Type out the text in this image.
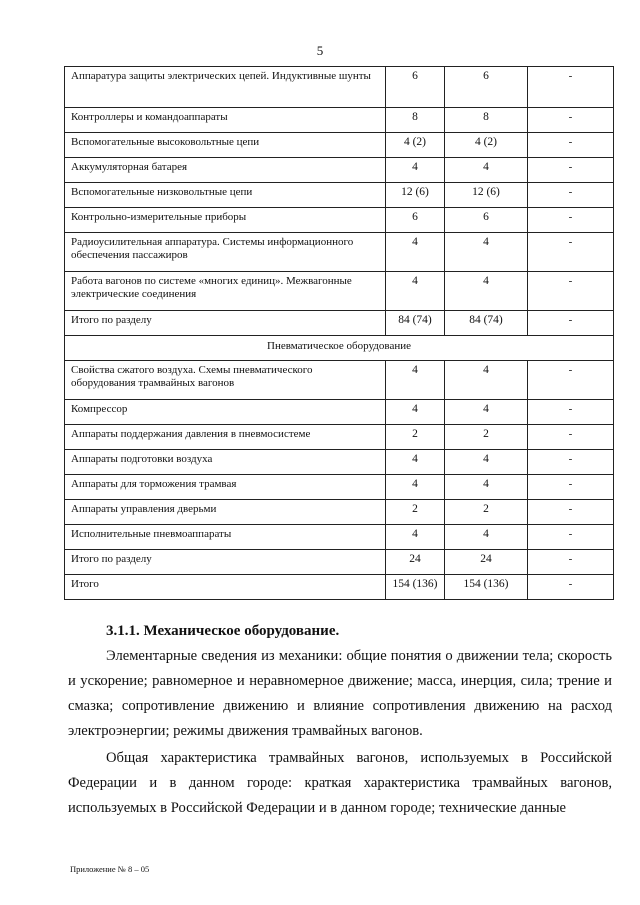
5
Аппаратура защиты электрических цепей. Индуктивные шунты	6	6	-
Контроллеры и командоаппараты	8	8	-
Вспомогательные высоковольтные цепи	4 (2)	4 (2)	-
Аккумуляторная батарея	4	4	-
Вспомогательные низковольтные цепи	12 (6)	12 (6)	-
Контрольно-измерительные приборы	6	6	-
Радиоусилительная аппаратура. Системы информационного обеспечения пассажиров	4	4	-
Работа вагонов по системе «многих единиц». Межвагонные электрические соединения	4	4	-
Итого по разделу	84 (74)	84 (74)	-
Пневматическое оборудование			
Свойства сжатого воздуха. Схемы пневматического оборудования трамвайных вагонов	4	4	-
Компрессор	4	4	-
Аппараты поддержания давления в пневмосистеме	2	2	-
Аппараты подготовки воздуха	4	4	-
Аппараты для торможения трамвая	4	4	-
Аппараты управления дверьми	2	2	-
Исполнительные пневмоаппараты	4	4	-
Итого по разделу	24	24	-
Итого	154 (136)	154 (136)	-
3.1.1. Механическое оборудование.

Элементарные сведения из механики: общие понятия о движении тела; скорость и ускорение; равномерное и неравномерное движение; масса, инерция, сила; трение и смазка; сопротивление движению и влияние сопротивления движению на расход электроэнергии; режимы движения трамвайных вагонов.

Общая характеристика трамвайных вагонов, используемых в Российской Федерации и в данном городе: краткая характеристика трамвайных вагонов, используемых в Российской Федерации и в данном городе; технические данные

Приложение № 8 – 05
